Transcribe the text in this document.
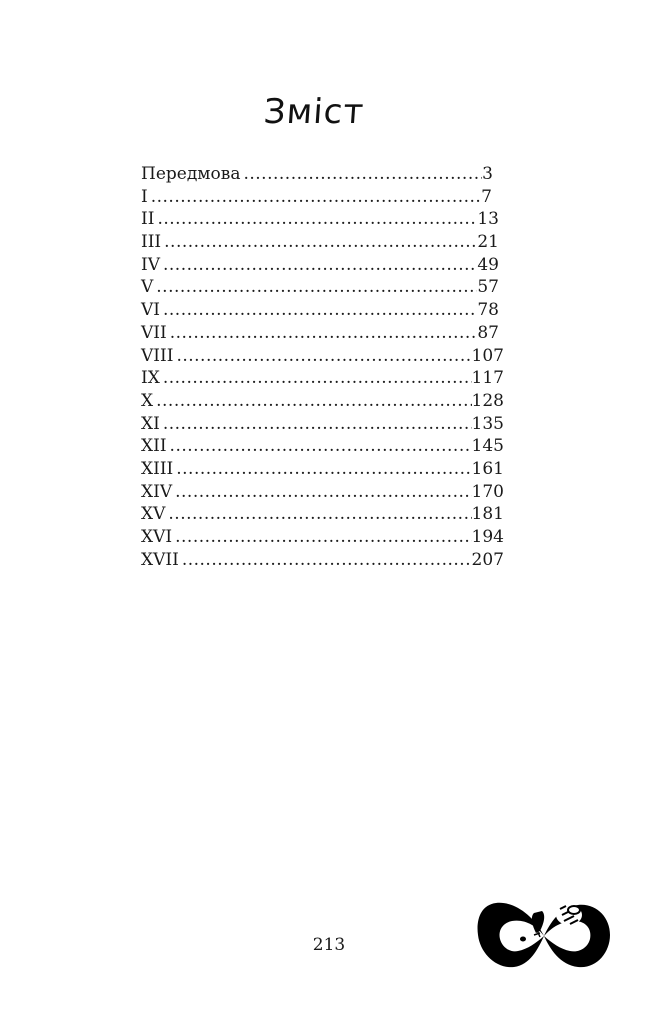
Зміст
Передмова .....	3
I .....	7
II .....	13
III .....	21
IV .....	49
V .....	57
VI .....	78
VII .....	87
VIII .....	107
IX .....	117
X .....	128
XI .....	135
XII .....	145
XIII .....	161
XIV .....	170
XV .....	181
XVI .....	194
XVII .....	207
213
